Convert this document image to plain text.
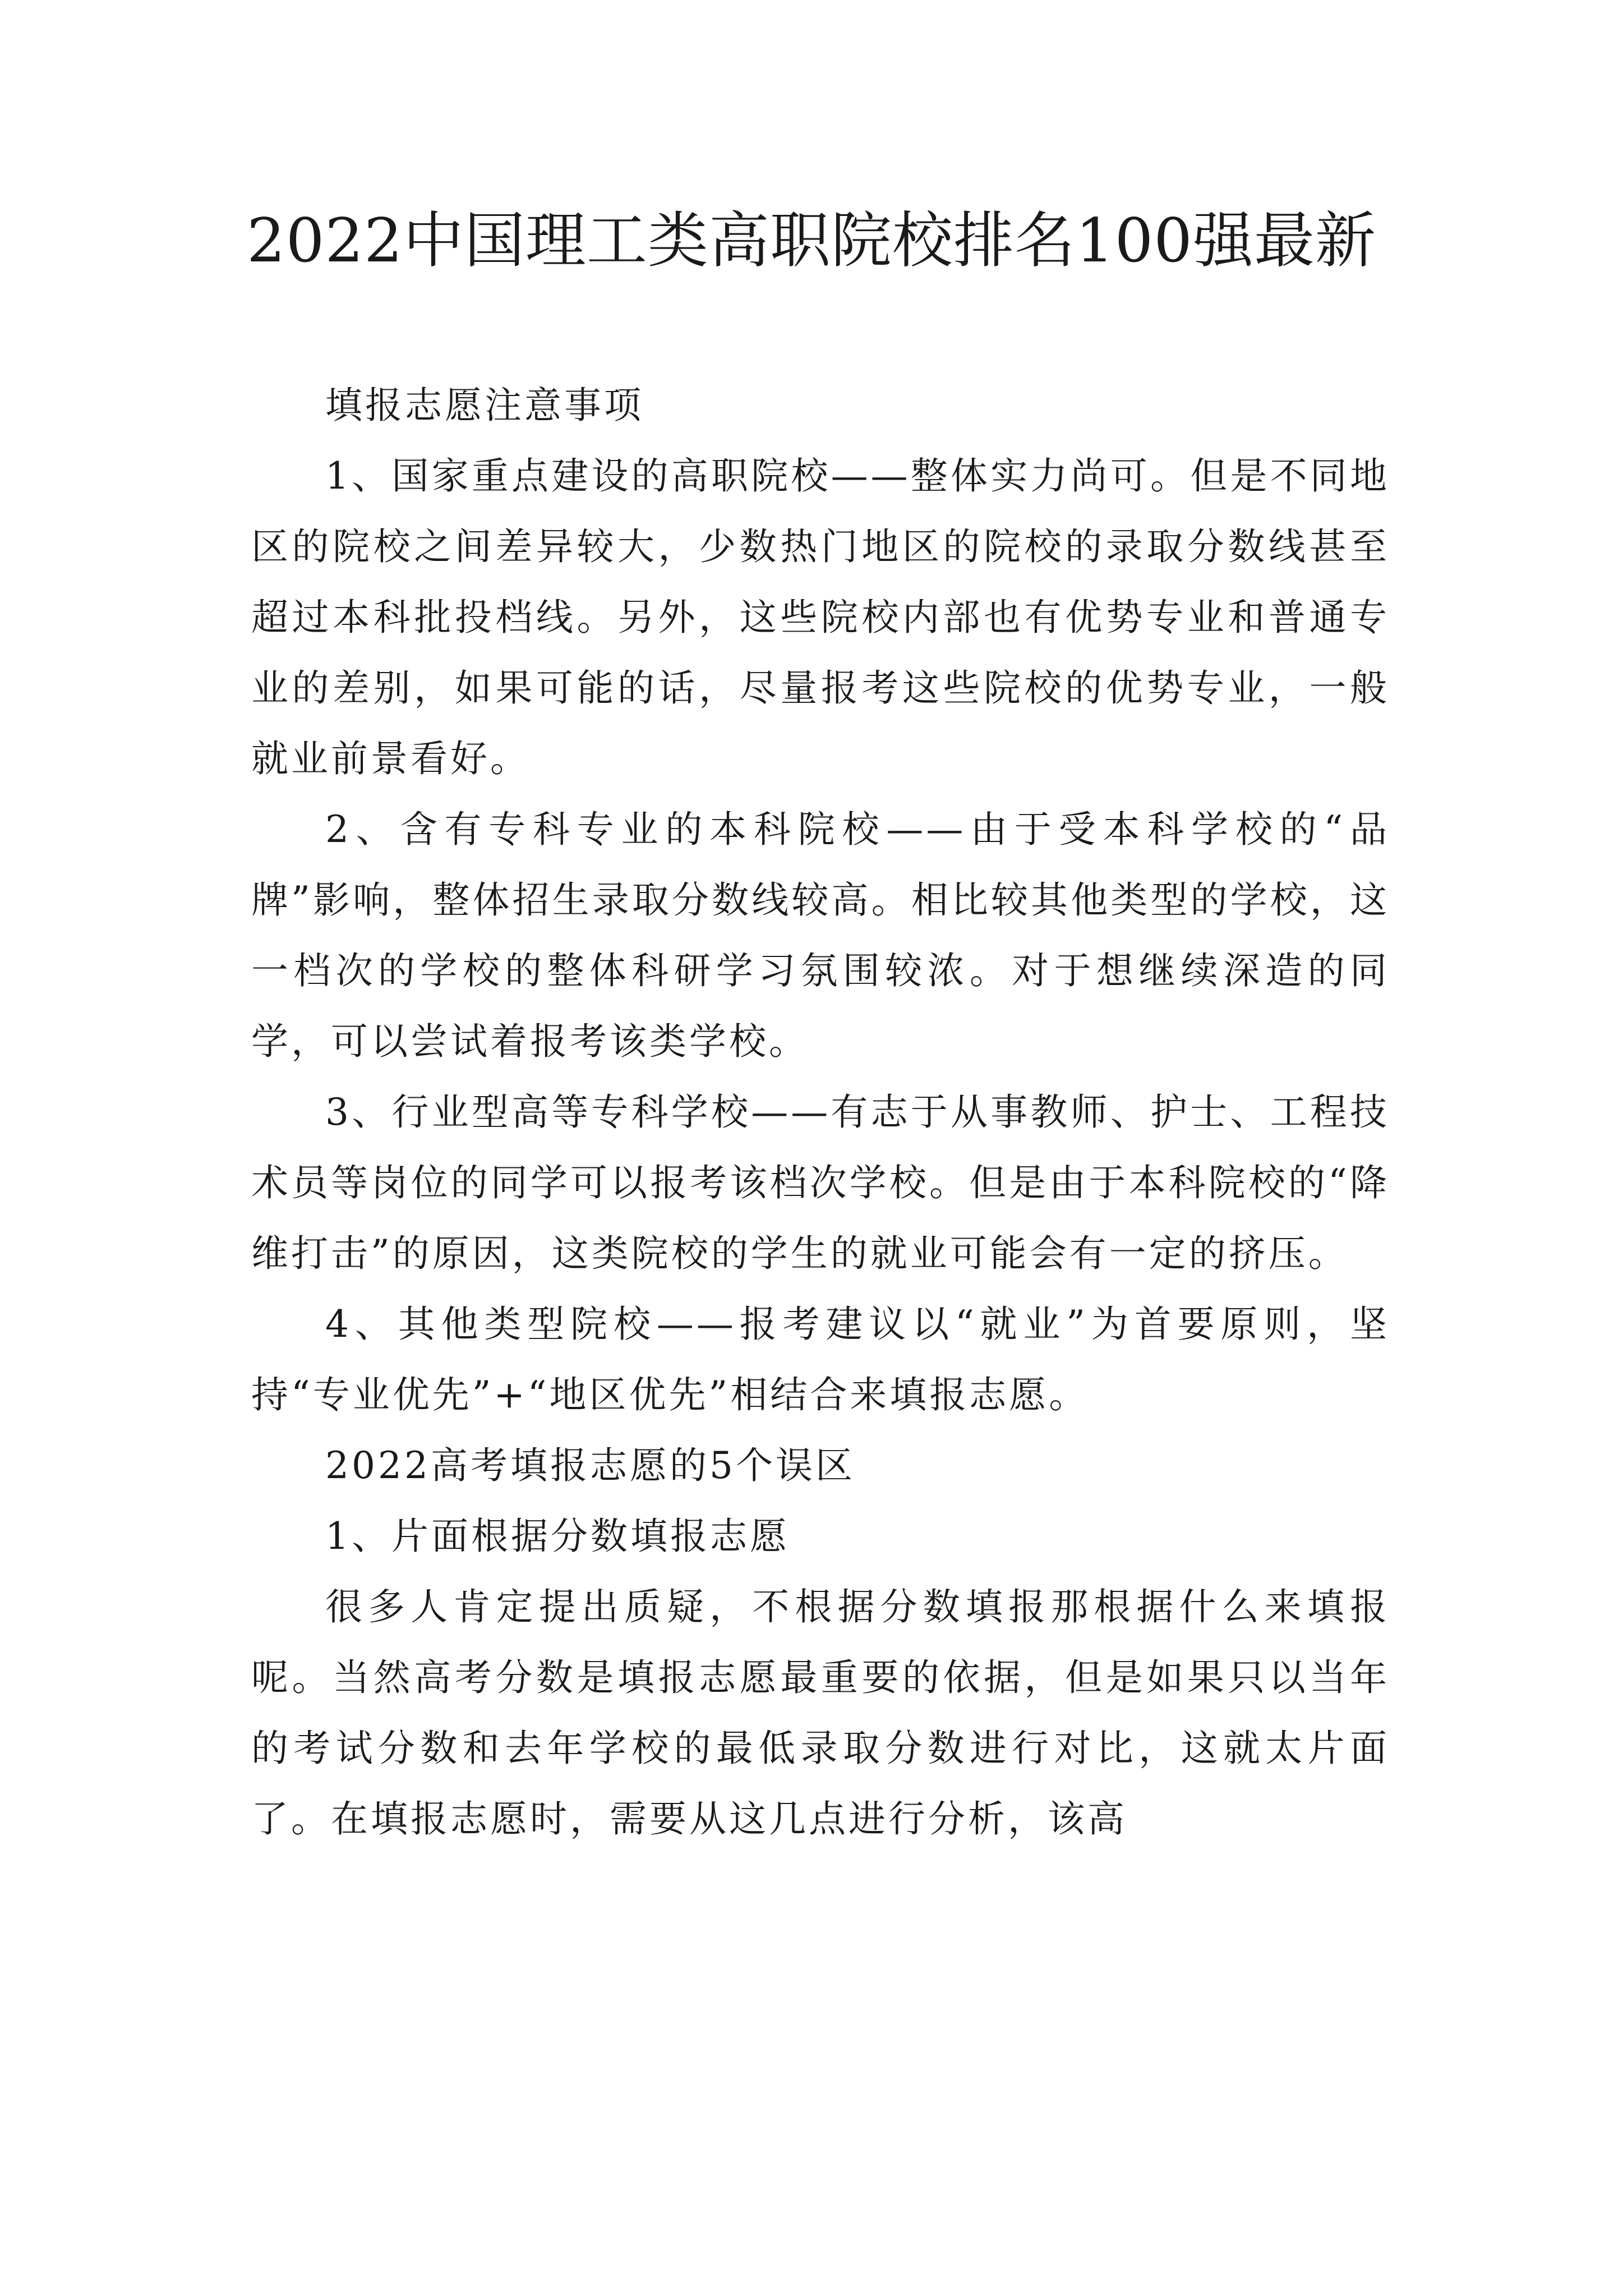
2022中国理工类高职院校排名100强最新

填报志愿注意事项

1、国家重点建设的高职院校——整体实力尚可。但是不同地区的院校之间差异较大，少数热门地区的院校的录取分数线甚至超过本科批投档线。另外，这些院校内部也有优势专业和普通专业的差别，如果可能的话，尽量报考这些院校的优势专业，一般就业前景看好。

2、含有专科专业的本科院校——由于受本科学校的“品牌”影响，整体招生录取分数线较高。相比较其他类型的学校，这一档次的学校的整体科研学习氛围较浓。对于想继续深造的同学，可以尝试着报考该类学校。

3、行业型高等专科学校——有志于从事教师、护士、工程技术员等岗位的同学可以报考该档次学校。但是由于本科院校的“降维打击”的原因，这类院校的学生的就业可能会有一定的挤压。

4、其他类型院校——报考建议以“就业”为首要原则，坚持“专业优先”+“地区优先”相结合来填报志愿。

2022高考填报志愿的5个误区

1、片面根据分数填报志愿

很多人肯定提出质疑，不根据分数填报那根据什么来填报呢。当然高考分数是填报志愿最重要的依据，但是如果只以当年的考试分数和去年学校的最低录取分数进行对比，这就太片面了。在填报志愿时，需要从这几点进行分析，该高
